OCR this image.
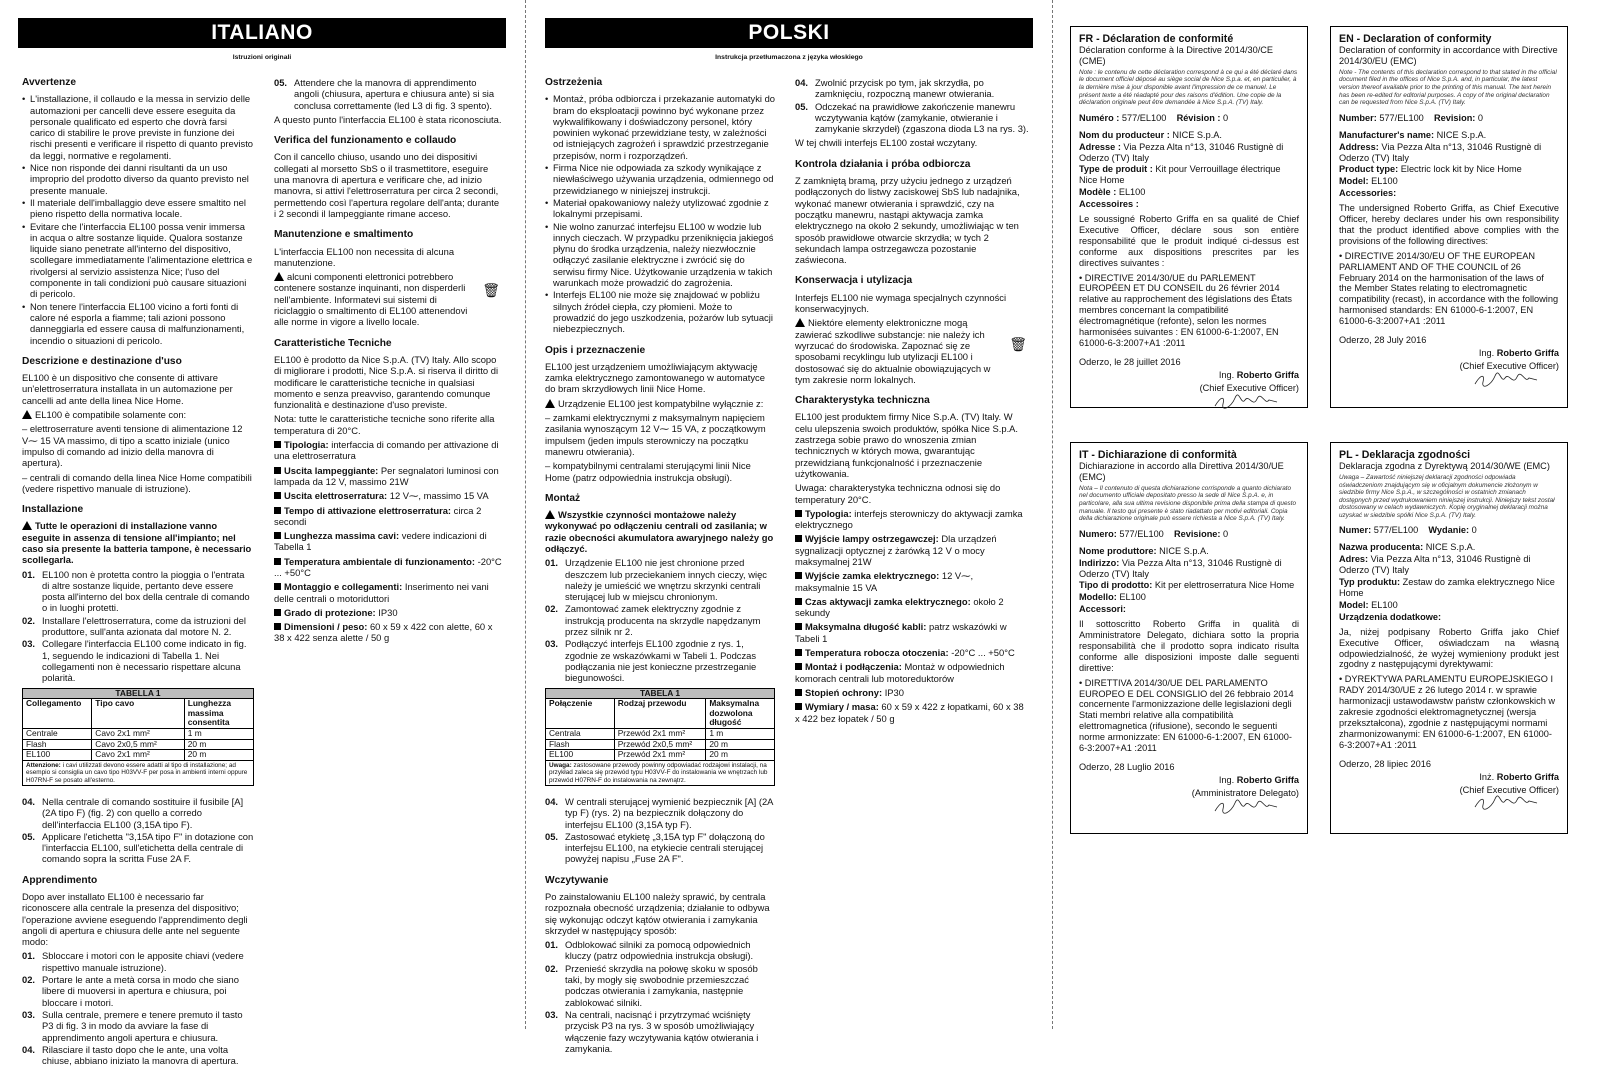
ITALIANO
Istruzioni originali
Avvertenze
• L'installazione, il collaudo e la messa in servizio delle automazioni per cancelli deve essere eseguita da personale qualificato ed esperto che dovrà farsi carico di stabilire le prove previste in funzione dei rischi presenti e verificare il rispetto di quanto previsto da leggi, normative e regolamenti.
• Nice non risponde dei danni risultanti da un uso improprio del prodotto diverso da quanto previsto nel presente manuale.
• Il materiale dell'imballaggio deve essere smaltito nel pieno rispetto della normativa locale.
• Evitare che l'interfaccia EL100 possa venir immersa in acqua o altre sostanze liquide. Qualora sostanze liquide siano penetrate all'interno del dispositivo, scollegare immediatamente l'alimentazione elettrica e rivolgersi al servizio assistenza Nice; l'uso del componente in tali condizioni può causare situazioni di pericolo.
• Non tenere l'interfaccia EL100 vicino a forti fonti di calore né esporla a fiamme; tali azioni possono danneggiarla ed essere causa di malfunzionamenti, incendio o situazioni di pericolo.
Descrizione e destinazione d'uso

EL100 è un dispositivo che consente di attivare un'elettroserratura installata in un automazione per cancelli ad ante della linea Nice Home.

EL100 è compatibile solamente con:

– elettroserrature aventi tensione di alimentazione 12 V⁓ 15 VA massimo, di tipo a scatto iniziale (unico impulso di comando ad inizio della manovra di apertura).

– centrali di comando della linea Nice Home compatibili (vedere rispettivo manuale di istruzione).

Installazione

Tutte le operazioni di installazione vanno eseguite in assenza di tensione all'impianto; nel caso sia presente la batteria tampone, è necessario scollegarla.

01. EL100 non è protetta contro la pioggia o l'entrata di altre sostanze liquide, pertanto deve essere posta all'interno del box della centrale di comando o in luoghi protetti.
02. Installare l'elettroserratura, come da istruzioni del produttore, sull'anta azionata dal motore N. 2.
03. Collegare l'interfaccia EL100 come indicato in fig. 1, seguendo le indicazioni di Tabella 1. Nei collegamenti non è necessario rispettare alcuna polarità.
TABELLA 1		
Collegamento	Tipo cavo	Lunghezza massima consentita
Centrale	Cavo 2x1 mm²	1 m
Flash	Cavo 2x0,5 mm²	20 m
EL100	Cavo 2x1 mm²	20 m
Attenzione: i cavi utilizzati devono essere adatti al tipo di installazione; ad esempio si consiglia un cavo tipo H03VV-F per posa in ambienti interni oppure H07RN-F se posato all'esterno.
04. Nella centrale di comando sostituire il fusibile [A] (2A tipo F) (fig. 2) con quello a corredo dell'interfaccia EL100 (3,15A tipo F).
05. Applicare l'etichetta "3,15A tipo F" in dotazione con l'interfaccia EL100, sull'etichetta della centrale di comando sopra la scritta Fuse 2A F.
Apprendimento

Dopo aver installato EL100 è necessario far riconoscere alla centrale la presenza del dispositivo; l'operazione avviene eseguendo l'apprendimento degli angoli di apertura e chiusura delle ante nel seguente modo:

01. Sbloccare i motori con le apposite chiavi (vedere rispettivo manuale istruzione).
02. Portare le ante a metà corsa in modo che siano libere di muoversi in apertura e chiusura, poi bloccare i motori.
03. Sulla centrale, premere e tenere premuto il tasto P3 di fig. 3 in modo da avviare la fase di apprendimento angoli apertura e chiusura.
04. Rilasciare il tasto dopo che le ante, una volta chiuse, abbiano iniziato la manovra di apertura.
05. Attendere che la manovra di apprendimento angoli (chiusura, apertura e chiusura ante) si sia conclusa correttamente (led L3 di fig. 3 spento).

A questo punto l'interfaccia EL100 è stata riconosciuta.

Verifica del funzionamento e collaudo

Con il cancello chiuso, usando uno dei dispositivi collegati al morsetto SbS o il trasmettitore, eseguire una manovra di apertura e verificare che, ad inizio manovra, si attivi l'elettroserratura per circa 2 secondi, permettendo così l'apertura regolare dell'anta; durante i 2 secondi il lampeggiante rimane acceso.

Manutenzione e smaltimento

L'interfaccia EL100 non necessita di alcuna manutenzione.

alcuni componenti elettronici potrebbero contenere sostanze inquinanti, non disperderli nell'ambiente. Informatevi sui sistemi di riciclaggio o smaltimento di EL100 attenendovi alle norme in vigore a livello locale.
🗑

Caratteristiche Tecniche

EL100 è prodotto da Nice S.p.A. (TV) Italy. Allo scopo di migliorare i prodotti, Nice S.p.A. si riserva il diritto di modificare le caratteristiche tecniche in qualsiasi momento e senza preavviso, garantendo comunque funzionalità e destinazione d'uso previste.

Nota: tutte le caratteristiche tecniche sono riferite alla temperatura di 20°C.

Tipologia: interfaccia di comando per attivazione di una elettroserratura

Uscita lampeggiante: Per segnalatori luminosi con lampada da 12 V, massimo 21W

Uscita elettroserratura: 12 V⁓, massimo 15 VA

Tempo di attivazione elettroserratura: circa 2 secondi

Lunghezza massima cavi: vedere indicazioni di Tabella 1

Temperatura ambientale di funzionamento: -20°C ... +50°C

Montaggio e collegamenti: Inserimento nei vani delle centrali o motoriduttori

Grado di protezione: IP30

Dimensioni / peso: 60 x 59 x 422 con alette, 60 x 38 x 422 senza alette / 50 g

POLSKI
Instrukcja przetłumaczona z języka włoskiego
Ostrzeżenia
• Montaż, próba odbiorcza i przekazanie automatyki do bram do eksploatacji powinno być wykonane przez wykwalifikowany i doświadczony personel, który powinien wykonać przewidziane testy, w zależności od istniejących zagrożeń i sprawdzić przestrzeganie przepisów, norm i rozporządzeń.
• Firma Nice nie odpowiada za szkody wynikające z niewłaściwego używania urządzenia, odmiennego od przewidzianego w niniejszej instrukcji.
• Materiał opakowaniowy należy utylizować zgodnie z lokalnymi przepisami.
• Nie wolno zanurzać interfejsu EL100 w wodzie lub innych cieczach. W przypadku przeniknięcia jakiegoś płynu do środka urządzenia, należy niezwłocznie odłączyć zasilanie elektryczne i zwrócić się do serwisu firmy Nice. Użytkowanie urządzenia w takich warunkach może prowadzić do zagrożenia.
• Interfejs EL100 nie może się znajdować w pobliżu silnych źródeł ciepła, czy płomieni. Może to prowadzić do jego uszkodzenia, pożarów lub sytuacji niebezpiecznych.
Opis i przeznaczenie

EL100 jest urządzeniem umożliwiającym aktywację zamka elektrycznego zamontowanego w automatyce do bram skrzydłowych linii Nice Home.

Urządzenie EL100 jest kompatybilne wyłącznie z:

– zamkami elektrycznymi z maksymalnym napięciem zasilania wynoszącym 12 V⁓ 15 VA, z początkowym impulsem (jeden impuls sterowniczy na początku manewru otwierania).

– kompatybilnymi centralami sterującymi linii Nice Home (patrz odpowiednia instrukcja obsługi).

Montaż

Wszystkie czynności montażowe należy wykonywać po odłączeniu centrali od zasilania; w razie obecności akumulatora awaryjnego należy go odłączyć.

01. Urządzenie EL100 nie jest chronione przed deszczem lub przeciekaniem innych cieczy, więc należy je umieścić we wnętrzu skrzynki centrali sterującej lub w miejscu chronionym.
02. Zamontować zamek elektryczny zgodnie z instrukcją producenta na skrzydle napędzanym przez silnik nr 2.
03. Podłączyć interfejs EL100 zgodnie z rys. 1, zgodnie ze wskazówkami w Tabeli 1. Podczas podłączania nie jest konieczne przestrzeganie biegunowości.
TABELA 1		
Połączenie	Rodzaj przewodu	Maksymalna dozwolona długość
Centrala	Przewód 2x1 mm²	1 m
Flash	Przewód 2x0,5 mm²	20 m
EL100	Przewód 2x1 mm²	20 m
Uwaga: zastosowane przewody powinny odpowiadać rodzajowi instalacji, na przykład zaleca się przewód typu H03VV-F do instalowania we wnętrzach lub przewód H07RN-F do instalowania na zewnątrz.
04. W centrali sterującej wymienić bezpiecznik [A] (2A typ F) (rys. 2) na bezpiecznik dołączony do interfejsu EL100 (3,15A typ F).
05. Zastosować etykietę „3,15A typ F" dołączoną do interfejsu EL100, na etykiecie centrali sterującej powyżej napisu „Fuse 2A F".
Wczytywanie

Po zainstalowaniu EL100 należy sprawić, by centrala rozpoznała obecność urządzenia; działanie to odbywa się wykonując odczyt kątów otwierania i zamykania skrzydeł w następujący sposób:

01. Odblokować silniki za pomocą odpowiednich kluczy (patrz odpowiednia instrukcja obsługi).
02. Przenieść skrzydła na połowę skoku w sposób taki, by mogły się swobodnie przemieszczać podczas otwierania i zamykania, następnie zablokować silniki.
03. Na centrali, nacisnąć i przytrzymać wciśnięty przycisk P3 na rys. 3 w sposób umożliwiający włączenie fazy wczytywania kątów otwierania i zamykania.
04. Zwolnić przycisk po tym, jak skrzydła, po zamknięciu, rozpoczną manewr otwierania.
05. Odczekać na prawidłowe zakończenie manewru wczytywania kątów (zamykanie, otwieranie i zamykanie skrzydeł) (zgaszona dioda L3 na rys. 3).

W tej chwili interfejs EL100 został wczytany.

Kontrola działania i próba odbiorcza

Z zamkniętą bramą, przy użyciu jednego z urządzeń podłączonych do listwy zaciskowej SbS lub nadajnika, wykonać manewr otwierania i sprawdzić, czy na początku manewru, nastąpi aktywacja zamka elektrycznego na około 2 sekundy, umożliwiając w ten sposób prawidłowe otwarcie skrzydła; w tych 2 sekundach lampa ostrzegawcza pozostanie zaświecona.

Konserwacja i utylizacja

Interfejs EL100 nie wymaga specjalnych czynności konserwacyjnych.

Niektóre elementy elektroniczne mogą zawierać szkodliwe substancje: nie należy ich wyrzucać do środowiska. Zapoznać się ze sposobami recyklingu lub utylizacji EL100 i dostosować się do aktualnie obowiązujących w tym zakresie norm lokalnych.
🗑

Charakterystyka techniczna

EL100 jest produktem firmy Nice S.p.A. (TV) Italy. W celu ulepszenia swoich produktów, spółka Nice S.p.A. zastrzega sobie prawo do wnoszenia zmian technicznych w których mowa, gwarantując przewidzianą funkcjonalność i przeznaczenie użytkowania.

Uwaga: charakterystyka techniczna odnosi się do temperatury 20°C.

Typologia: interfejs sterowniczy do aktywacji zamka elektrycznego

Wyjście lampy ostrzegawczej: Dla urządzeń sygnalizacji optycznej z żarówką 12 V o mocy maksymalnej 21W

Wyjście zamka elektrycznego: 12 V⁓, maksymalnie 15 VA

Czas aktywacji zamka elektrycznego: około 2 sekundy

Maksymalna długość kabli: patrz wskazówki w Tabeli 1

Temperatura robocza otoczenia: -20°C ... +50°C

Montaż i podłączenia: Montaż w odpowiednich komorach centrali lub motoreduktorów

Stopień ochrony: IP30

Wymiary / masa: 60 x 59 x 422 z łopatkami, 60 x 38 x 422 bez łopatek / 50 g

FR - Déclaration de conformité
Déclaration conforme à la Directive 2014/30/CE (CME)
Note : le contenu de cette déclaration correspond à ce qui a été déclaré dans le document officiel déposé au siège social de Nice S.p.a. et, en particulier, à la dernière mise à jour disponible avant l'impression de ce manuel. Le présent texte a été réadapté pour des raisons d'édition. Une copie de la déclaration originale peut être demandée à Nice S.p.A. (TV) Italy.

Numéro : 577/EL100 Révision : 0

Nom du producteur : NICE S.p.A.

Adresse : Via Pezza Alta n°13, 31046 Rustignè di Oderzo (TV) Italy

Type de produit : Kit pour Verrouillage électrique Nice Home

Modèle : EL100

Accessoires :

Le soussigné Roberto Griffa en sa qualité de Chief Executive Officer, déclare sous son entière responsabilité que le produit indiqué ci-dessus est conforme aux dispositions prescrites par les directives suivantes :

• DIRECTIVE 2014/30/UE du PARLEMENT EUROPÉEN ET DU CONSEIL du 26 février 2014 relative au rapprochement des législations des États membres concernant la compatibilité électromagnétique (refonte), selon les normes harmonisées suivantes : EN 61000-6-1:2007, EN 61000-6-3:2007+A1 :2011

Oderzo, le 28 juillet 2016

Ing. Roberto Griffa
(Chief Executive Officer)
EN - Declaration of conformity
Declaration of conformity in accordance with Directive 2014/30/EU (EMC)
Note - The contents of this declaration correspond to that stated in the official document filed in the offices of Nice S.p.A. and, in particular, the latest version thereof available prior to the printing of this manual. The text herein has been re-edited for editorial purposes. A copy of the original declaration can be requested from Nice S.p.A. (TV) Italy.

Number: 577/EL100 Revision: 0

Manufacturer's name: NICE S.p.A.

Address: Via Pezza Alta n°13, 31046 Rustignè di Oderzo (TV) Italy

Product type: Electric lock kit by Nice Home

Model: EL100

Accessories:

The undersigned Roberto Griffa, as Chief Executive Officer, hereby declares under his own responsibility that the product identified above complies with the provisions of the following directives:

• DIRECTIVE 2014/30/EU OF THE EUROPEAN PARLIAMENT AND OF THE COUNCIL of 26 February 2014 on the harmonisation of the laws of the Member States relating to electromagnetic compatibility (recast), in accordance with the following harmonised standards: EN 61000-6-1:2007, EN 61000-6-3:2007+A1 :2011

Oderzo, 28 July 2016

Ing. Roberto Griffa
(Chief Executive Officer)
IT - Dichiarazione di conformità
Dichiarazione in accordo alla Direttiva 2014/30/UE (EMC)
Nota – Il contenuto di questa dichiarazione corrisponde a quanto dichiarato nel documento ufficiale depositato presso la sede di Nice S.p.A. e, in particolare, alla sua ultima revisione disponibile prima della stampa di questo manuale. Il testo qui presente è stato riadattato per motivi editoriali. Copia della dichiarazione originale può essere richiesta a Nice S.p.A. (TV) Italy.

Numero: 577/EL100 Revisione: 0

Nome produttore: NICE S.p.A.

Indirizzo: Via Pezza Alta n°13, 31046 Rustignè di Oderzo (TV) Italy

Tipo di prodotto: Kit per elettroserratura Nice Home

Modello: EL100

Accessori:

Il sottoscritto Roberto Griffa in qualità di Amministratore Delegato, dichiara sotto la propria responsabilità che il prodotto sopra indicato risulta conforme alle disposizioni imposte dalle seguenti direttive:

• DIRETTIVA 2014/30/UE DEL PARLAMENTO EUROPEO E DEL CONSIGLIO del 26 febbraio 2014 concernente l'armonizzazione delle legislazioni degli Stati membri relative alla compatibilità elettromagnetica (rifusione), secondo le seguenti norme armonizzate: EN 61000-6-1:2007, EN 61000-6-3:2007+A1 :2011

Oderzo, 28 Luglio 2016

Ing. Roberto Griffa
(Amministratore Delegato)
PL - Deklaracja zgodności
Deklaracja zgodna z Dyrektywą 2014/30/WE (EMC)
Uwaga – Zawartość niniejszej deklaracji zgodności odpowiada oświadczeniom znajdującym się w oficjalnym dokumencie złożonym w siedzibie firmy Nice S.p.A., w szczególności w ostatnich zmianach dostępnych przed wydrukowaniem niniejszej instrukcji. Niniejszy tekst został dostosowany w celach wydawniczych. Kopię oryginalnej deklaracji można uzyskać w siedzibie spółki Nice S.p.A. (TV) Italy.

Numer: 577/EL100 Wydanie: 0

Nazwa producenta: NICE S.p.A.

Adres: Via Pezza Alta n°13, 31046 Rustignè di Oderzo (TV) Italy

Typ produktu: Zestaw do zamka elektrycznego Nice Home

Model: EL100

Urządzenia dodatkowe:

Ja, niżej podpisany Roberto Griffa jako Chief Executive Officer, oświadczam na własną odpowiedzialność, że wyżej wymieniony produkt jest zgodny z następującymi dyrektywami:

• DYREKTYWA PARLAMENTU EUROPEJSKIEGO I RADY 2014/30/UE z 26 lutego 2014 r. w sprawie harmonizacji ustawodawstw państw członkowskich w zakresie zgodności elektromagnetycznej (wersja przekształcona), zgodnie z następującymi normami zharmonizowanymi: EN 61000-6-1:2007, EN 61000-6-3:2007+A1 :2011

Oderzo, 28 lipiec 2016

Inż. Roberto Griffa
(Chief Executive Officer)
